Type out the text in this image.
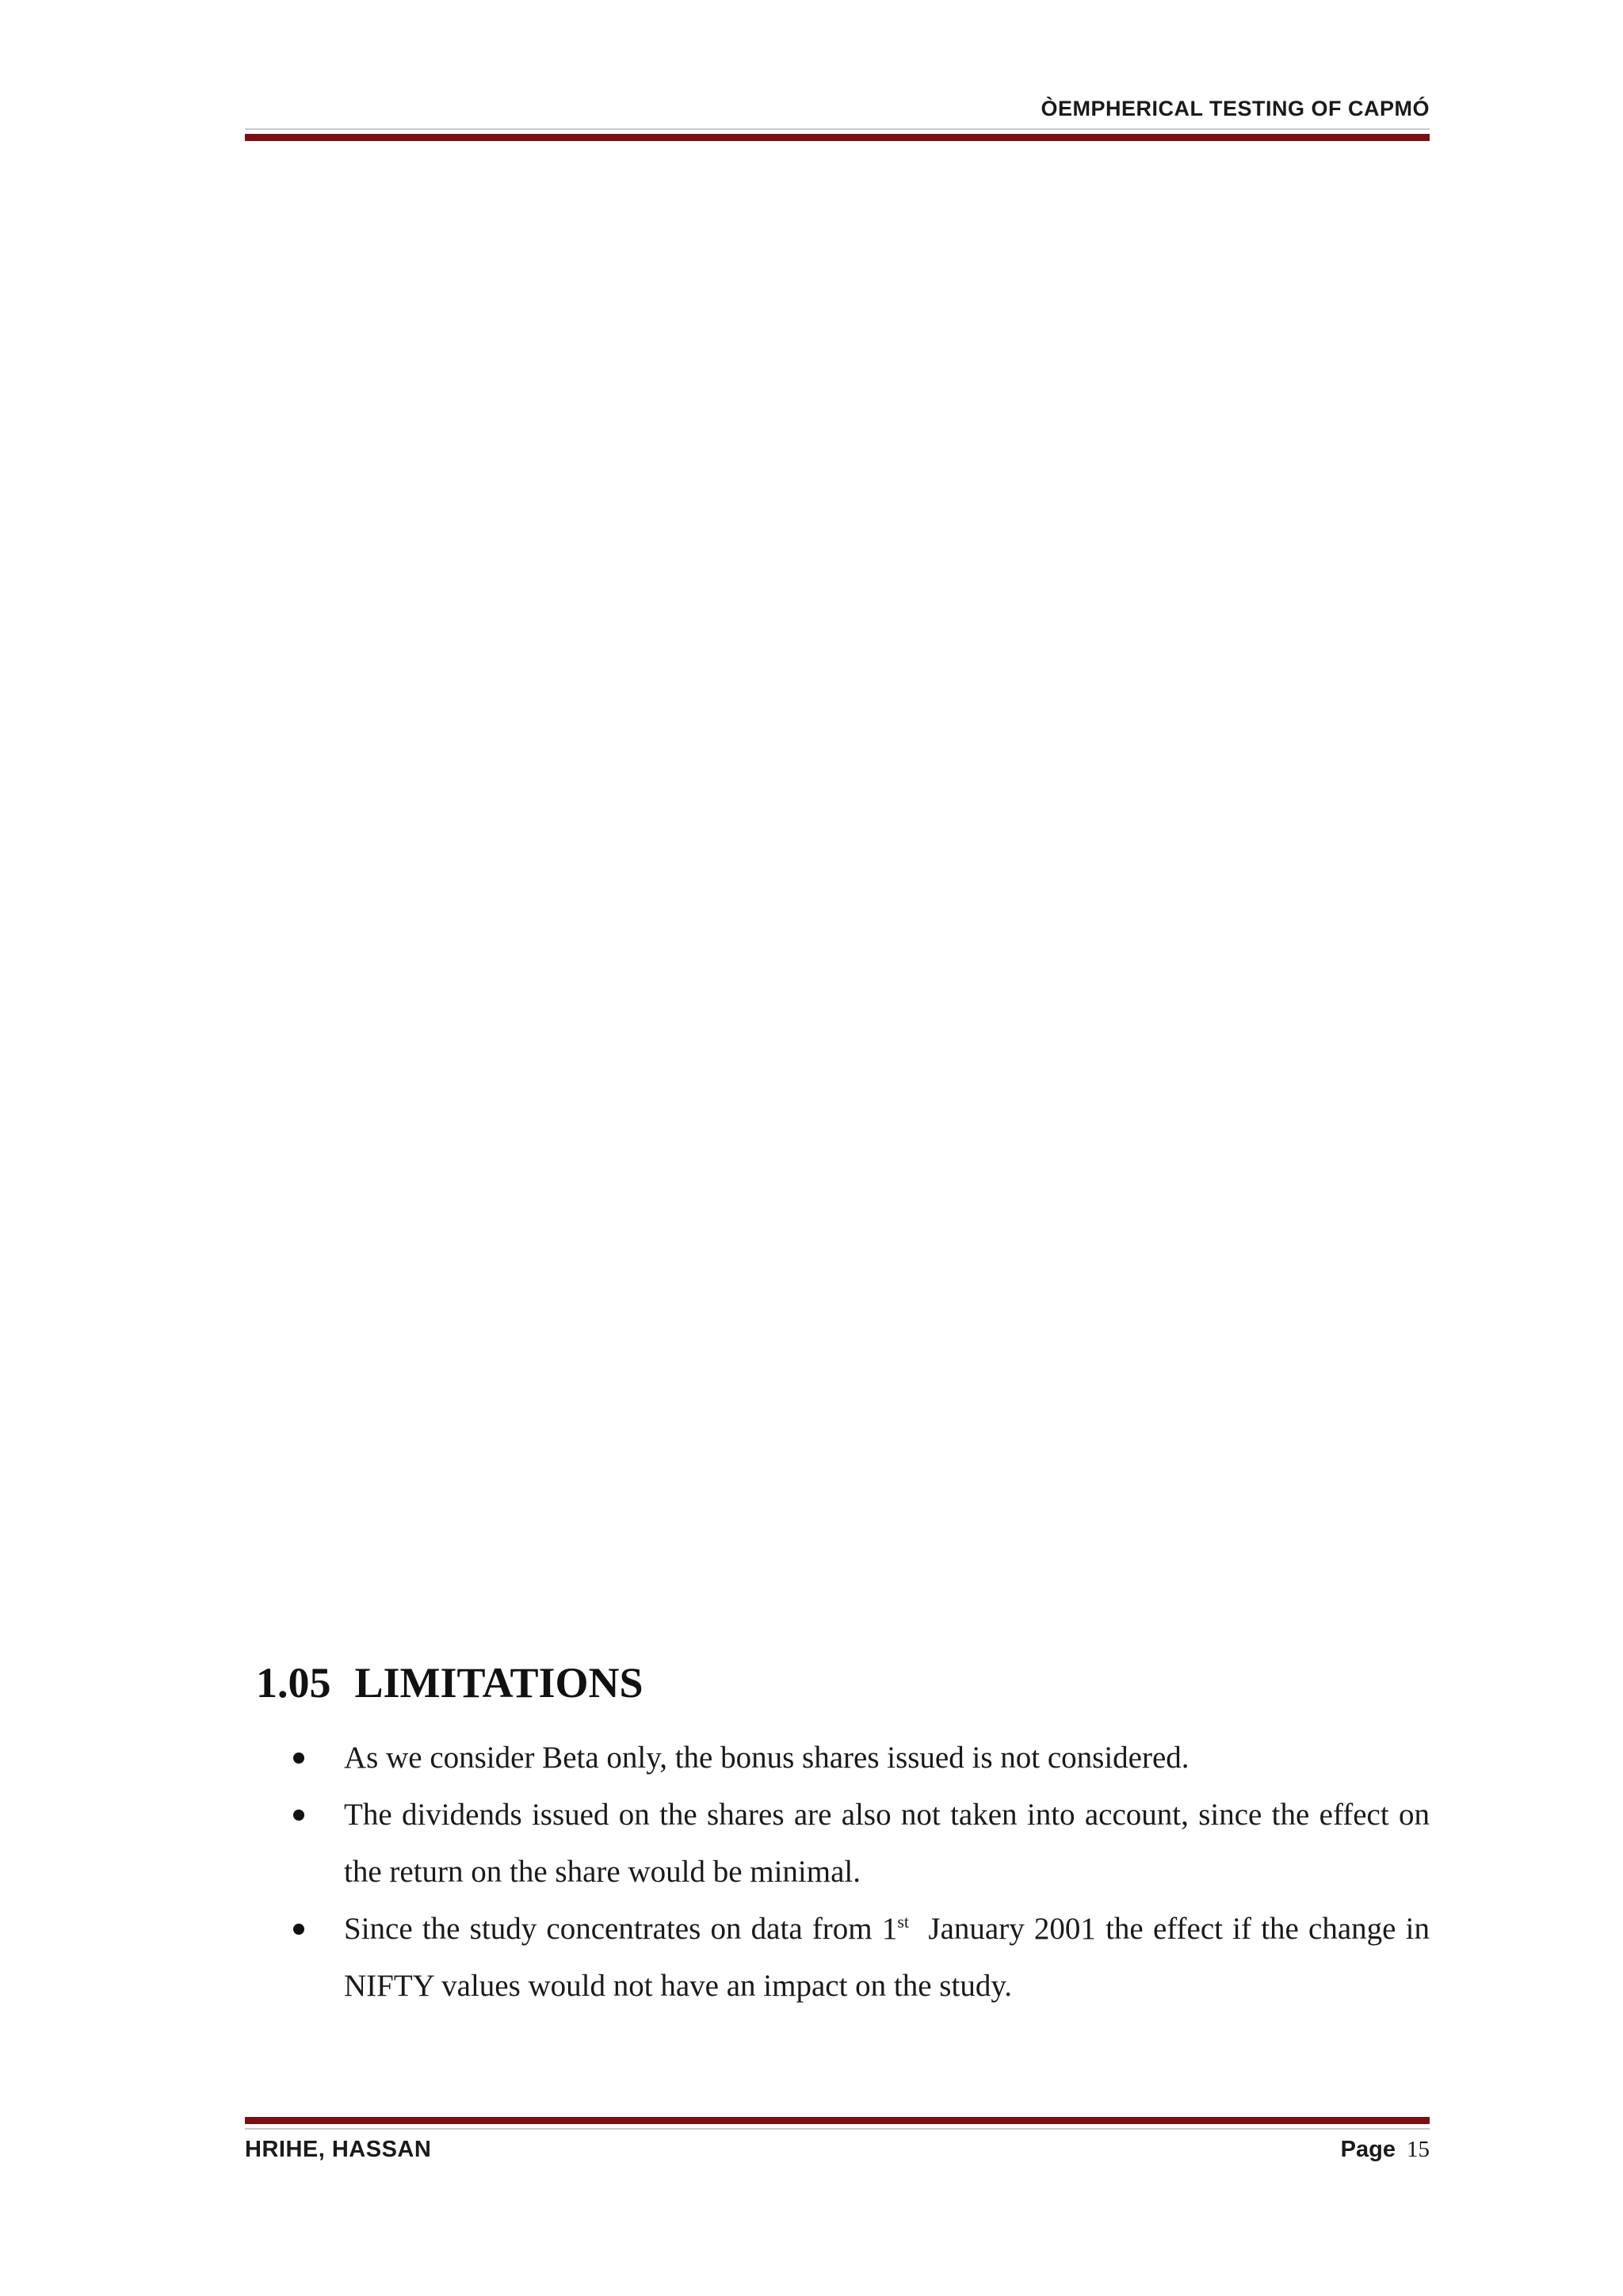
ÒEMPHERICAL TESTING OF CAPMÓ
1.05 LIMITATIONS
As we consider Beta only, the bonus shares issued is not considered.
The dividends issued on the shares are also not taken into account, since the effect on the return on the share would be minimal.
Since the study concentrates on data from 1st  January 2001 the effect if the change in NIFTY values would not have an impact on the study.
HRIHE, HASSAN	Page 15
